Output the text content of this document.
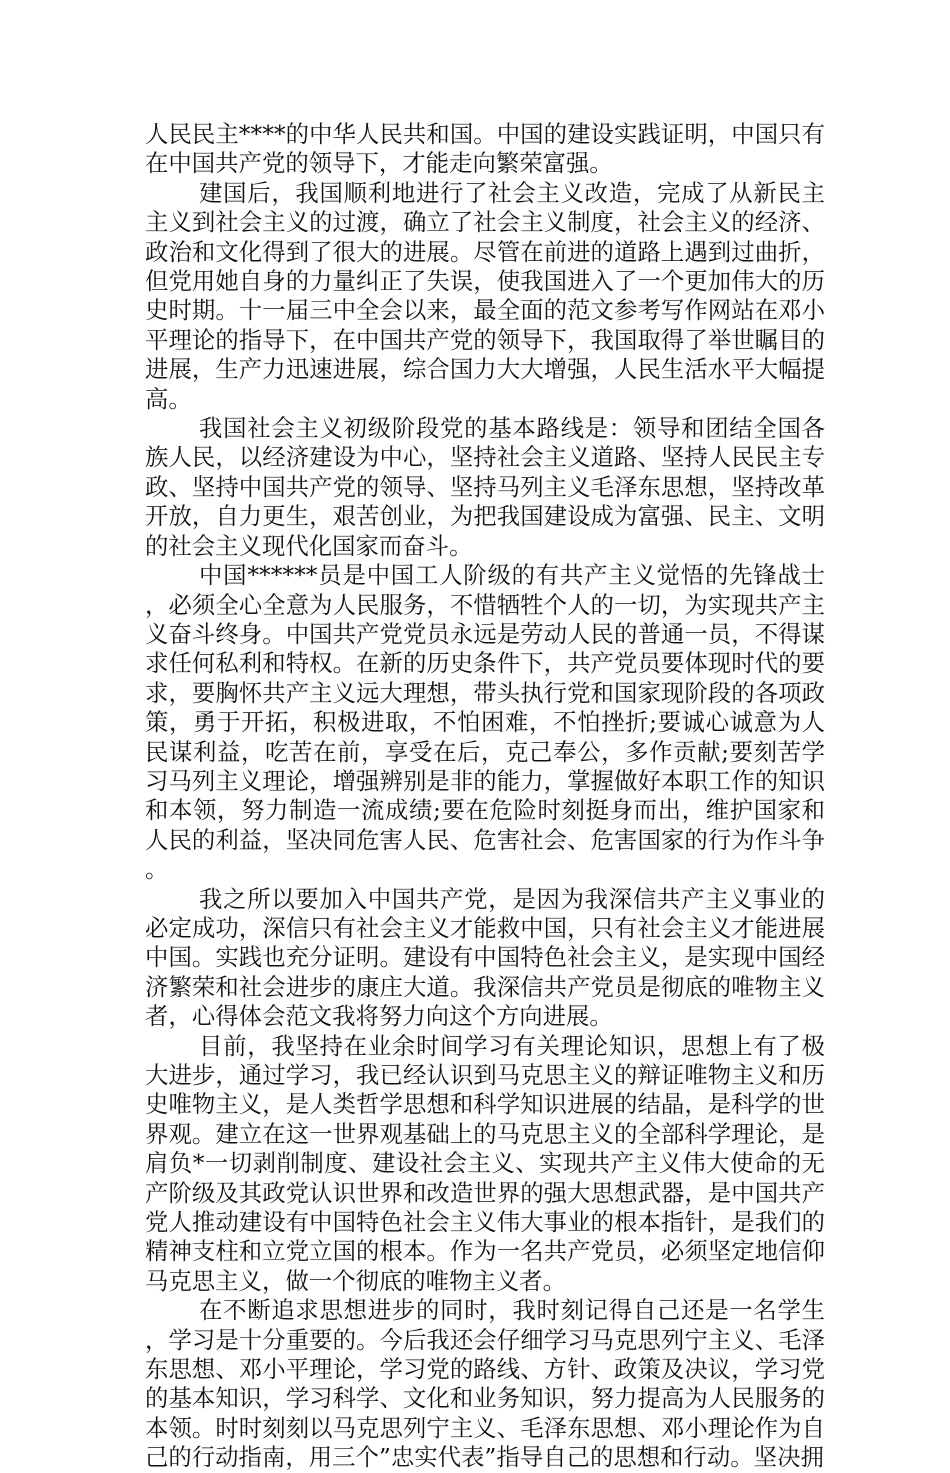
人民民主****的中华人民共和国。中国的建设实践证明，中国只有在中国共产党的领导下，才能走向繁荣富强。

建国后，我国顺利地进行了社会主义改造，完成了从新民主主义到社会主义的过渡，确立了社会主义制度，社会主义的经济、政治和文化得到了很大的进展。尽管在前进的道路上遇到过曲折，但党用她自身的力量纠正了失误，使我国进入了一个更加伟大的历史时期。十一届三中全会以来，最全面的范文参考写作网站在邓小平理论的指导下，在中国共产党的领导下，我国取得了举世瞩目的进展，生产力迅速进展，综合国力大大增强，人民生活水平大幅提高。

我国社会主义初级阶段党的基本路线是：领导和团结全国各族人民，以经济建设为中心，坚持社会主义道路、坚持人民民主专政、坚持中国共产党的领导、坚持马列主义毛泽东思想，坚持改革开放，自力更生，艰苦创业，为把我国建设成为富强、民主、文明的社会主义现代化国家而奋斗。

中国******员是中国工人阶级的有共产主义觉悟的先锋战士，必须全心全意为人民服务，不惜牺牲个人的一切，为实现共产主义奋斗终身。中国共产党党员永远是劳动人民的普通一员，不得谋求任何私利和特权。在新的历史条件下，共产党员要体现时代的要求，要胸怀共产主义远大理想，带头执行党和国家现阶段的各项政策，勇于开拓，积极进取，不怕困难，不怕挫折;要诚心诚意为人民谋利益，吃苦在前，享受在后，克己奉公，多作贡献;要刻苦学习马列主义理论，增强辨别是非的能力，掌握做好本职工作的知识和本领，努力制造一流成绩;要在危险时刻挺身而出，维护国家和人民的利益，坚决同危害人民、危害社会、危害国家的行为作斗争。

我之所以要加入中国共产党，是因为我深信共产主义事业的必定成功，深信只有社会主义才能救中国，只有社会主义才能进展中国。实践也充分证明。建设有中国特色社会主义，是实现中国经济繁荣和社会进步的康庄大道。我深信共产党员是彻底的唯物主义者，心得体会范文我将努力向这个方向进展。

目前，我坚持在业余时间学习有关理论知识，思想上有了极大进步，通过学习，我已经认识到马克思主义的辩证唯物主义和历史唯物主义，是人类哲学思想和科学知识进展的结晶，是科学的世界观。建立在这一世界观基础上的马克思主义的全部科学理论，是肩负*一切剥削制度、建设社会主义、实现共产主义伟大使命的无产阶级及其政党认识世界和改造世界的强大思想武器，是中国共产党人推动建设有中国特色社会主义伟大事业的根本指针，是我们的精神支柱和立党立国的根本。作为一名共产党员，必须坚定地信仰马克思主义，做一个彻底的唯物主义者。

在不断追求思想进步的同时，我时刻记得自己还是一名学生，学习是十分重要的。今后我还会仔细学习马克思列宁主义、毛泽东思想、邓小平理论，学习党的路线、方针、政策及决议，学习党的基本知识，学习科学、文化和业务知识，努力提高为人民服务的本领。时时刻刻以马克思列宁主义、毛泽东思想、邓小理论作为自己的行动指南，用三个”忠实代表”指导自己的思想和行动。坚决拥
